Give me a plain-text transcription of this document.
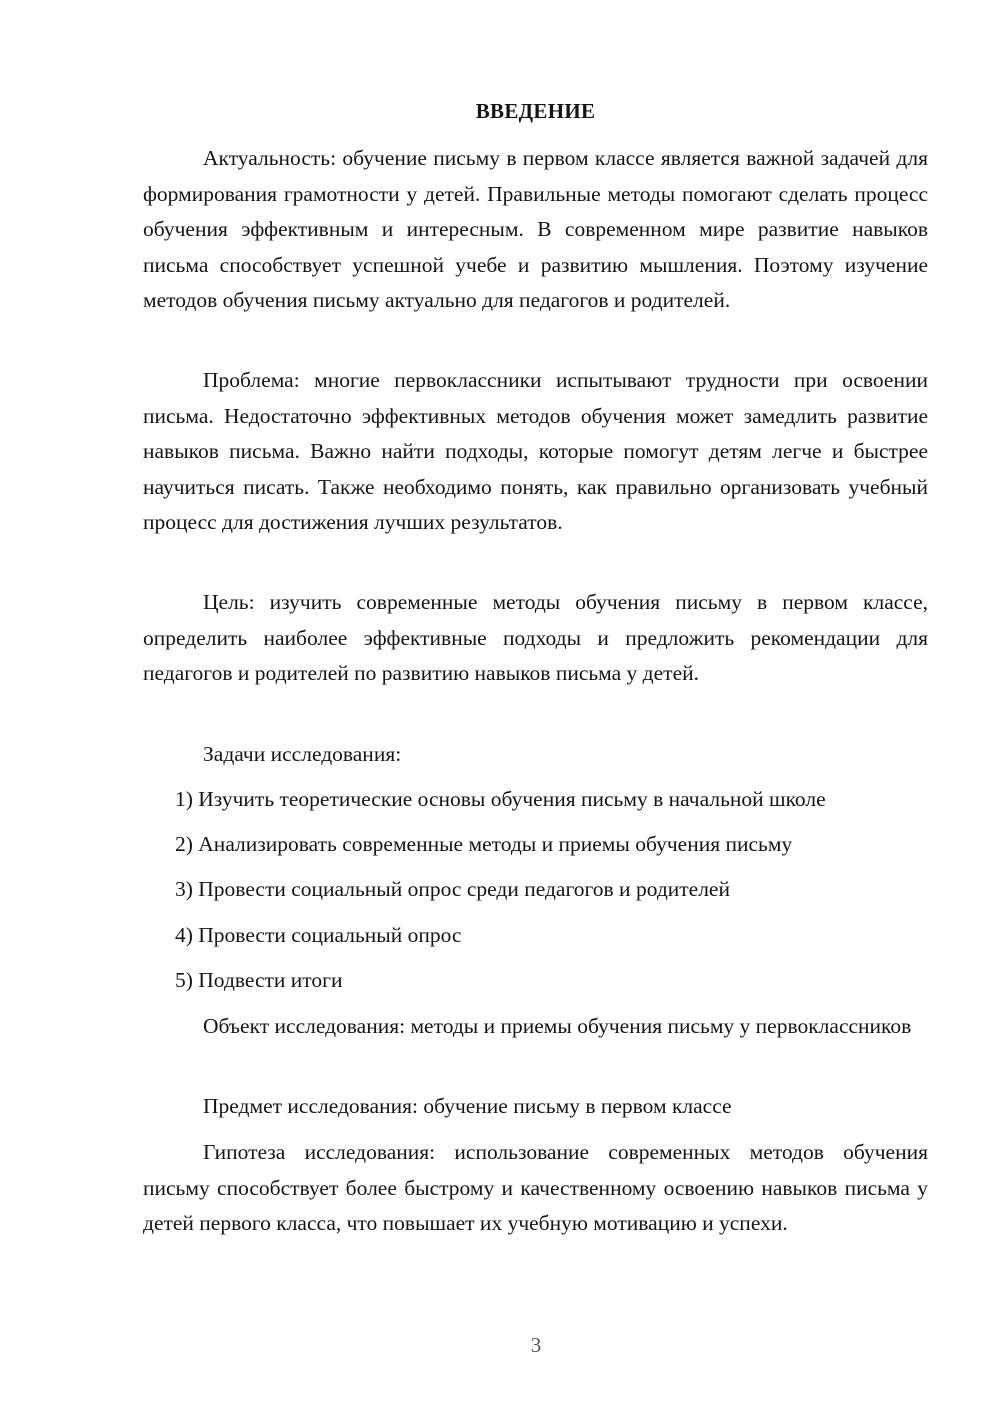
ВВЕДЕНИЕ

Актуальность: обучение письму в первом классе является важной задачей для формирования грамотности у детей. Правильные методы помогают сделать процесс обучения эффективным и интересным. В современном мире развитие навыков письма способствует успешной учебе и развитию мышления. Поэтому изучение методов обучения письму актуально для педагогов и родителей.

Проблема: многие первоклассники испытывают трудности при освоении письма. Недостаточно эффективных методов обучения может замедлить развитие навыков письма. Важно найти подходы, которые помогут детям легче и быстрее научиться писать. Также необходимо понять, как правильно организовать учебный процесс для достижения лучших результатов.

Цель: изучить современные методы обучения письму в первом классе, определить наиболее эффективные подходы и предложить рекомендации для педагогов и родителей по развитию навыков письма у детей.

Задачи исследования:

1) Изучить теоретические основы обучения письму в начальной школе

2) Анализировать современные методы и приемы обучения письму

3) Провести социальный опрос среди педагогов и родителей

4) Провести социальный опрос

5) Подвести итоги

Объект исследования: методы и приемы обучения письму у первоклассников

Предмет исследования: обучение письму в первом классе

Гипотеза исследования: использование современных методов обучения письму способствует более быстрому и качественному освоению навыков письма у детей первого класса, что повышает их учебную мотивацию и успехи.

3
